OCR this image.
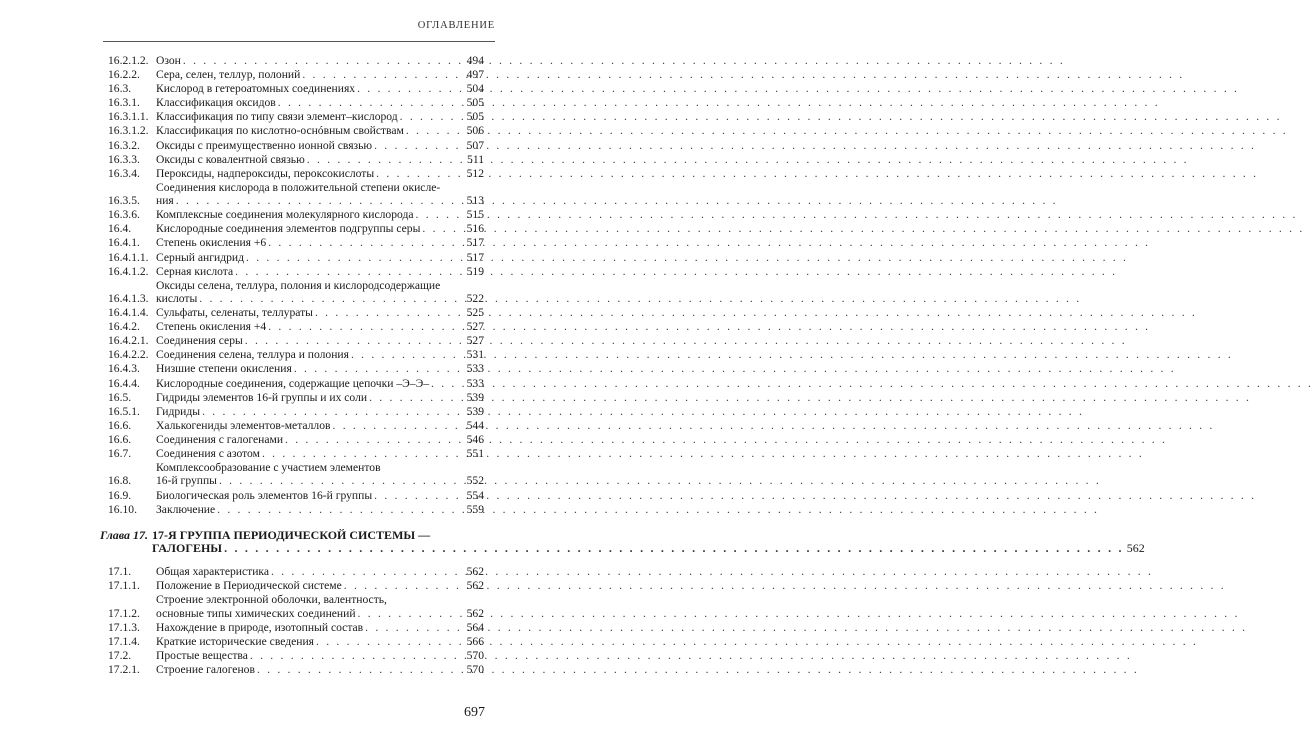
ОГЛАВЛЕНИЕ
16.2.1.2. Озон . . .	494
16.2.2.	Сера, селен, теллур, полоний . . .	497
16.3.	Кислород в гетероатомных соединениях . . .	504
16.3.1.	Классификация оксидов . . .	505
16.3.1.1. Классификация по типу связи элемент–кислород . . .	505
16.3.1.2. Классификация по кислотно-оснóвным свойствам . . .	506
16.3.2.	Оксиды с преимущественно ионной связью . . .	507
16.3.3.	Оксиды с ковалентной связью . . .	511
16.3.4.	Пероксиды, надпероксиды, пероксокислоты . . .	512
16.3.5.
Соединения кислорода в положительной степени окисле-
ния . . .	513
16.3.6.	Комплексные соединения молекулярного кислорода . . .	515
16.4.	Кислородные соединения элементов подгруппы серы . . .	516
16.4.1.	Степень окисления +6 . . .	517
16.4.1.1. Серный ангидрид . . .	517
16.4.1.2. Серная кислота . . .	519
16.4.1.3.
Оксиды селена, теллура, полония и кислородсодержащие
кислоты . . .	522
16.4.1.4. Сульфаты, селенаты, теллураты . . .	525
16.4.2.	Степень окисления +4 . . .	527
16.4.2.1. Соединения серы . . .	527
16.4.2.2. Соединения селена, теллура и полония . . .	531
16.4.3.	Низшие степени окисления . . .	533
16.4.4.	Кислородные соединения, содержащие цепочки –Э–Э– . . .	533
16.5.	Гидриды элементов 16-й группы и их соли . . .	539
16.5.1.	Гидриды . . .	539
16.6.	Халькогениды элементов-металлов . . .	544
16.6.	Соединения с галогенами . . .	546
16.7.	Соединения с азотом . . .	551
16.8.
Комплексообразование с участием элементов
16-й группы . . .	552
16.9.	Биологическая роль элементов 16-й группы . . .	554
16.10.	Заключение . . .	559
Глава 17. 17-Я ГРУППА ПЕРИОДИЧЕСКОЙ СИСТЕМЫ —
ГАЛОГЕНЫ . . .	562
17.1.	Общая характеристика . . .	562
17.1.1.	Положение в Периодической системе . . .	562
17.1.2.
Строение электронной оболочки, валентность,
основные типы химических соединений . . .	562
17.1.3.	Нахождение в природе, изотопный состав . . .	564
17.1.4.	Краткие исторические сведения . . .	566
17.2.	Простые вещества . . .	570
17.2.1.	Строение галогенов . . .	570
697
